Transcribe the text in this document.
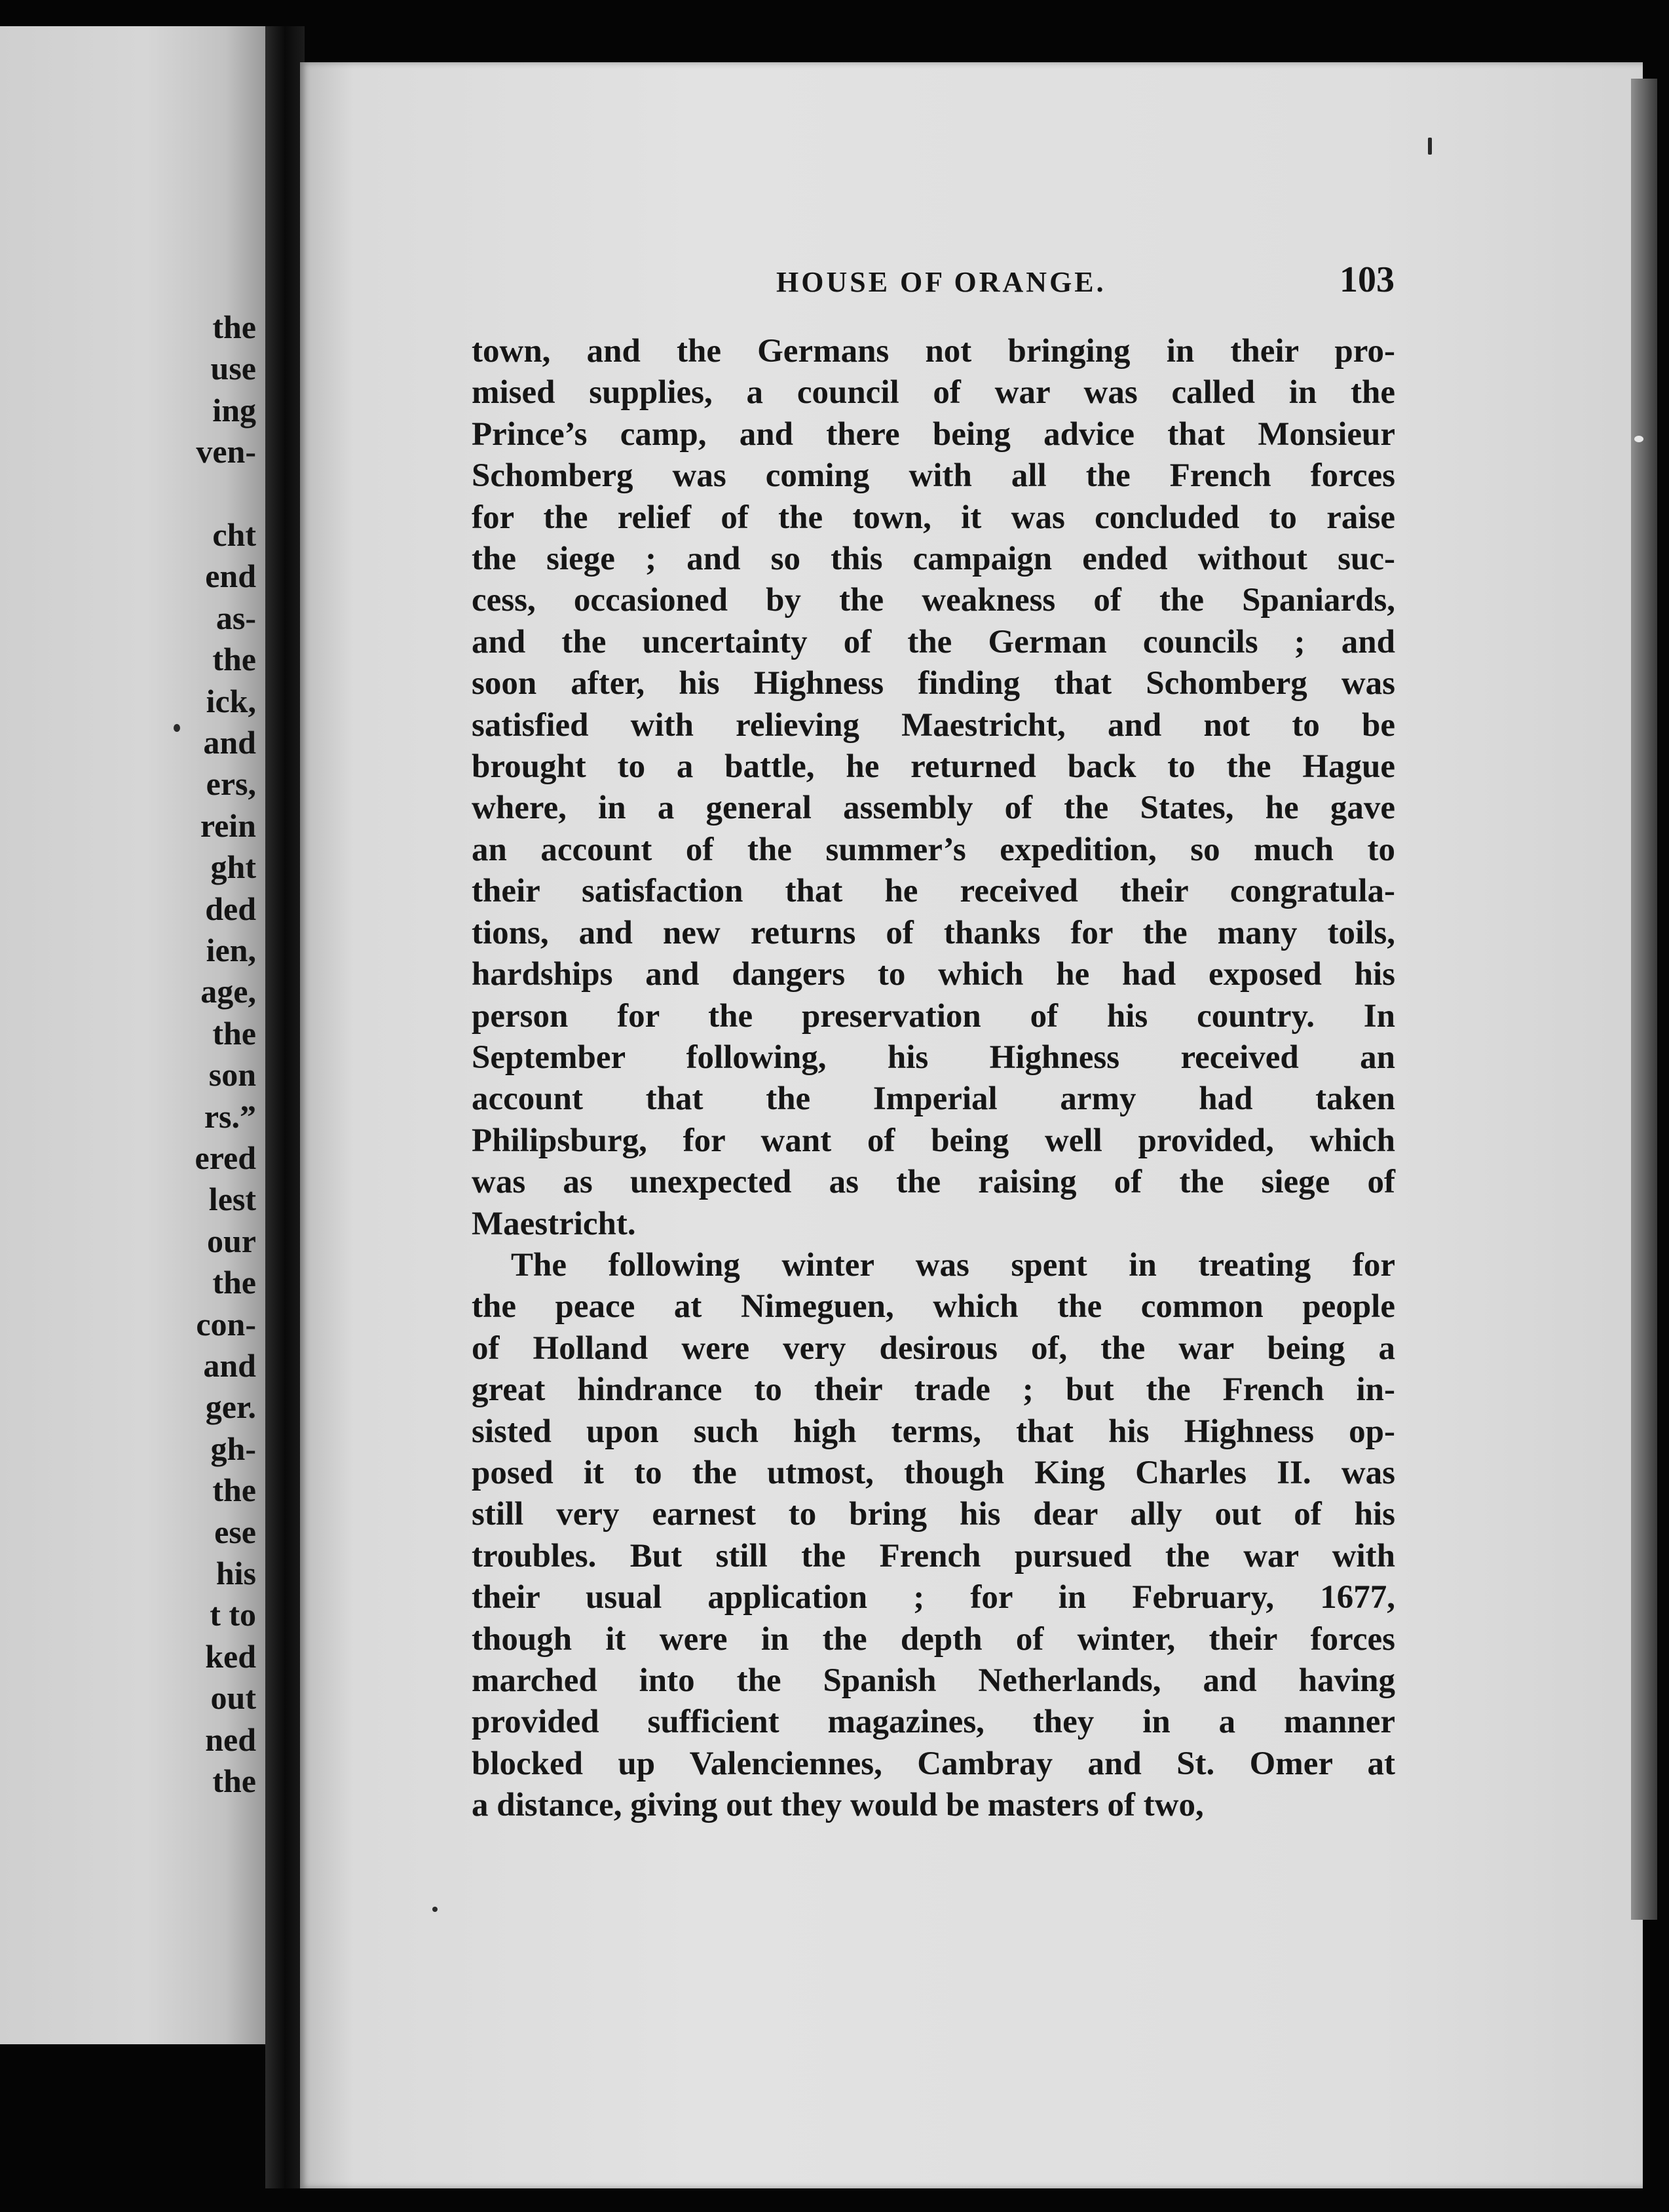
the
use
ing
ven-
cht
end
as-
the
ick,
and
ers,
rein
ght
ded
ien,
age,
the
son
rs.”
ered
lest
our
the
con-
and
ger.
gh-
the
ese
his
t to
ked
out
ned
the
HOUSE OF ORANGE.	103
town, and the Germans not bringing in their pro-
mised supplies, a council of war was called in the
Prince’s camp, and there being advice that Monsieur
Schomberg was coming with all the French forces
for the relief of the town, it was concluded to raise
the siege ; and so this campaign ended without suc-
cess, occasioned by the weakness of the Spaniards,
and the uncertainty of the German councils ; and
soon after, his Highness finding that Schomberg was
satisfied with relieving Maestricht, and not to be
brought to a battle, he returned back to the Hague
where, in a general assembly of the States, he gave
an account of the summer’s expedition, so much to
their satisfaction that he received their congratula-
tions, and new returns of thanks for the many toils,
hardships and dangers to which he had exposed his
person for the preservation of his country. In
September following, his Highness received an
account that the Imperial army had taken
Philipsburg, for want of being well provided, which
was as unexpected as the raising of the siege of
Maestricht.
The following winter was spent in treating for
the peace at Nimeguen, which the common people
of Holland were very desirous of, the war being a
great hindrance to their trade ; but the French in-
sisted upon such high terms, that his Highness op-
posed it to the utmost, though King Charles II. was
still very earnest to bring his dear ally out of his
troubles. But still the French pursued the war with
their usual application ; for in February, 1677,
though it were in the depth of winter, their forces
marched into the Spanish Netherlands, and having
provided sufficient magazines, they in a manner
blocked up Valenciennes, Cambray and St. Omer at
a distance, giving out they would be masters of two,
